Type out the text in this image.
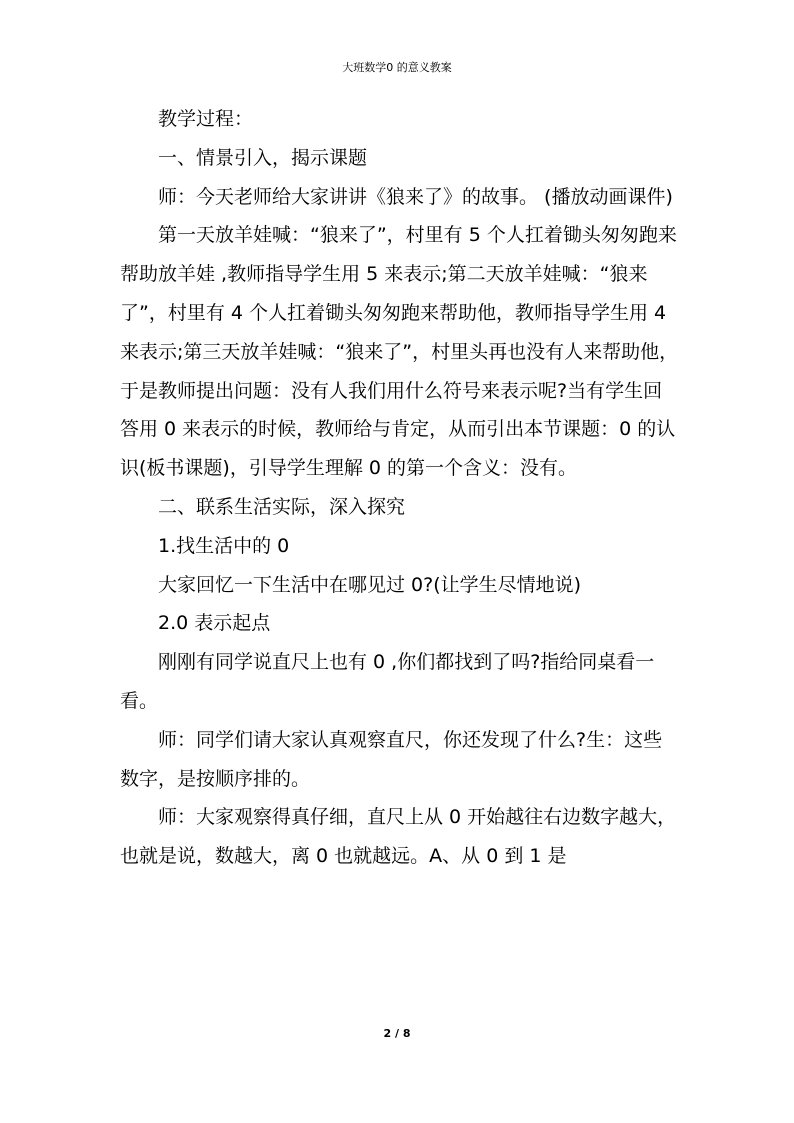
大班数学0 的意义教案

教学过程：

一、情景引入，揭示课题

师：今天老师给大家讲讲《狼来了》的故事。 (播放动画课件)

第一天放羊娃喊：“狼来了”，村里有 5 个人扛着锄头匆匆跑来帮助放羊娃 ,教师指导学生用 5 来表示;第二天放羊娃喊：“狼来了”，村里有 4 个人扛着锄头匆匆跑来帮助他，教师指导学生用 4 来表示;第三天放羊娃喊：“狼来了”，村里头再也没有人来帮助他，于是教师提出问题：没有人我们用什么符号来表示呢?当有学生回答用 0 来表示的时候，教师给与肯定，从而引出本节课题：0 的认识(板书课题)，引导学生理解 0 的第一个含义：没有。

二、联系生活实际，深入探究

1.找生活中的 0

大家回忆一下生活中在哪见过 0?(让学生尽情地说)

2.0 表示起点

刚刚有同学说直尺上也有 0 ,你们都找到了吗?指给同桌看一看。

师：同学们请大家认真观察直尺，你还发现了什么?生：这些数字，是按顺序排的。

师：大家观察得真仔细，直尺上从 0 开始越往右边数字越大，也就是说，数越大，离 0 也就越远。A、从 0 到 1 是

2 / 8
